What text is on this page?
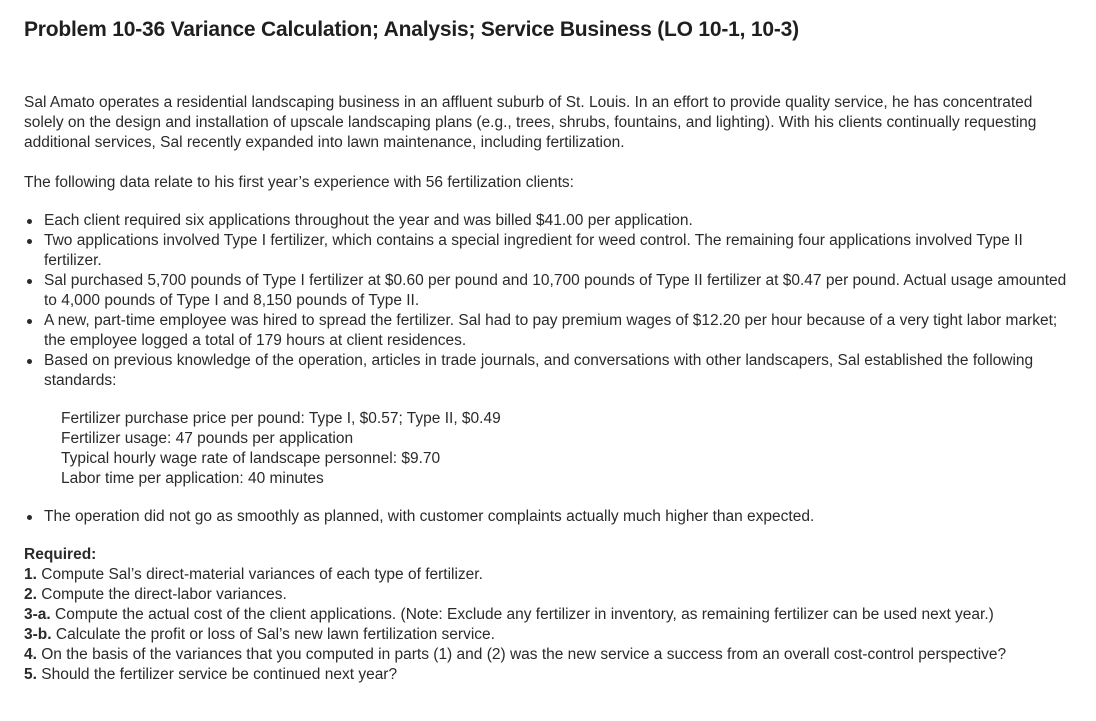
Problem 10-36 Variance Calculation; Analysis; Service Business (LO 10-1, 10-3)

Sal Amato operates a residential landscaping business in an affluent suburb of St. Louis. In an effort to provide quality service, he has concentrated solely on the design and installation of upscale landscaping plans (e.g., trees, shrubs, fountains, and lighting). With his clients continually requesting additional services, Sal recently expanded into lawn maintenance, including fertilization.

The following data relate to his first year’s experience with 56 fertilization clients:

Each client required six applications throughout the year and was billed $41.00 per application.
Two applications involved Type I fertilizer, which contains a special ingredient for weed control. The remaining four applications involved Type II fertilizer.
Sal purchased 5,700 pounds of Type I fertilizer at $0.60 per pound and 10,700 pounds of Type II fertilizer at $0.47 per pound. Actual usage amounted to 4,000 pounds of Type I and 8,150 pounds of Type II.
A new, part-time employee was hired to spread the fertilizer. Sal had to pay premium wages of $12.20 per hour because of a very tight labor market; the employee logged a total of 179 hours at client residences.
Based on previous knowledge of the operation, articles in trade journals, and conversations with other landscapers, Sal established the following standards:
Fertilizer purchase price per pound: Type I, $0.57; Type II, $0.49
Fertilizer usage: 47 pounds per application
Typical hourly wage rate of landscape personnel: $9.70
Labor time per application: 40 minutes
The operation did not go as smoothly as planned, with customer complaints actually much higher than expected.
Required:
1. Compute Sal’s direct-material variances of each type of fertilizer.
2. Compute the direct-labor variances.
3-a. Compute the actual cost of the client applications. (Note: Exclude any fertilizer in inventory, as remaining fertilizer can be used next year.)
3-b. Calculate the profit or loss of Sal’s new lawn fertilization service.
4. On the basis of the variances that you computed in parts (1) and (2) was the new service a success from an overall cost-control perspective?
5. Should the fertilizer service be continued next year?
